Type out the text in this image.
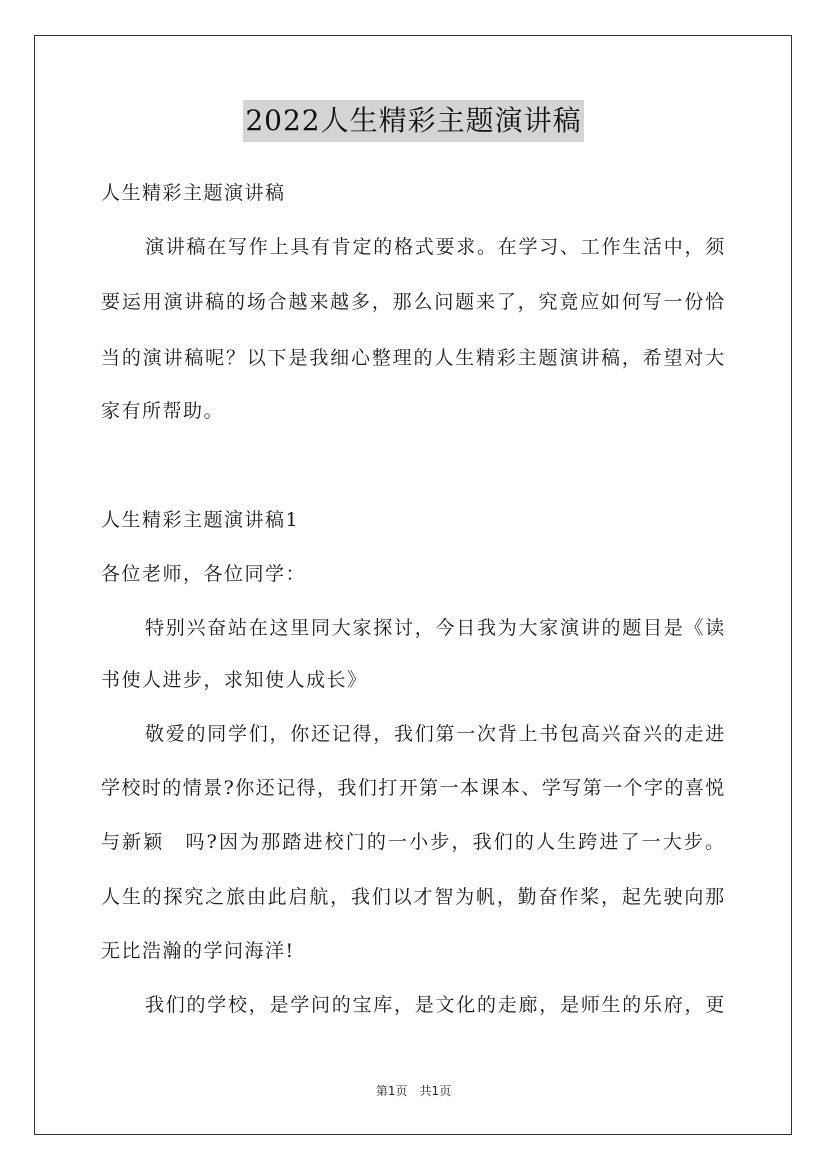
2022人生精彩主题演讲稿
人生精彩主题演讲稿
演讲稿在写作上具有肯定的格式要求。在学习、工作生活中，须
要运用演讲稿的场合越来越多，那么问题来了，究竟应如何写一份恰
当的演讲稿呢？以下是我细心整理的人生精彩主题演讲稿，希望对大
家有所帮助。
人生精彩主题演讲稿1
各位老师，各位同学：
特别兴奋站在这里同大家探讨，今日我为大家演讲的题目是《读
书使人进步，求知使人成长》
敬爱的同学们，你还记得，我们第一次背上书包高兴奋兴的走进
学校时的情景?你还记得，我们打开第一本课本、学写第一个字的喜悦
与新颖　吗?因为那踏进校门的一小步，我们的人生跨进了一大步。
人生的探究之旅由此启航，我们以才智为帆，勤奋作桨，起先驶向那
无比浩瀚的学问海洋!
我们的学校，是学问的宝库，是文化的走廊，是师生的乐府，更
第1页　共1页
